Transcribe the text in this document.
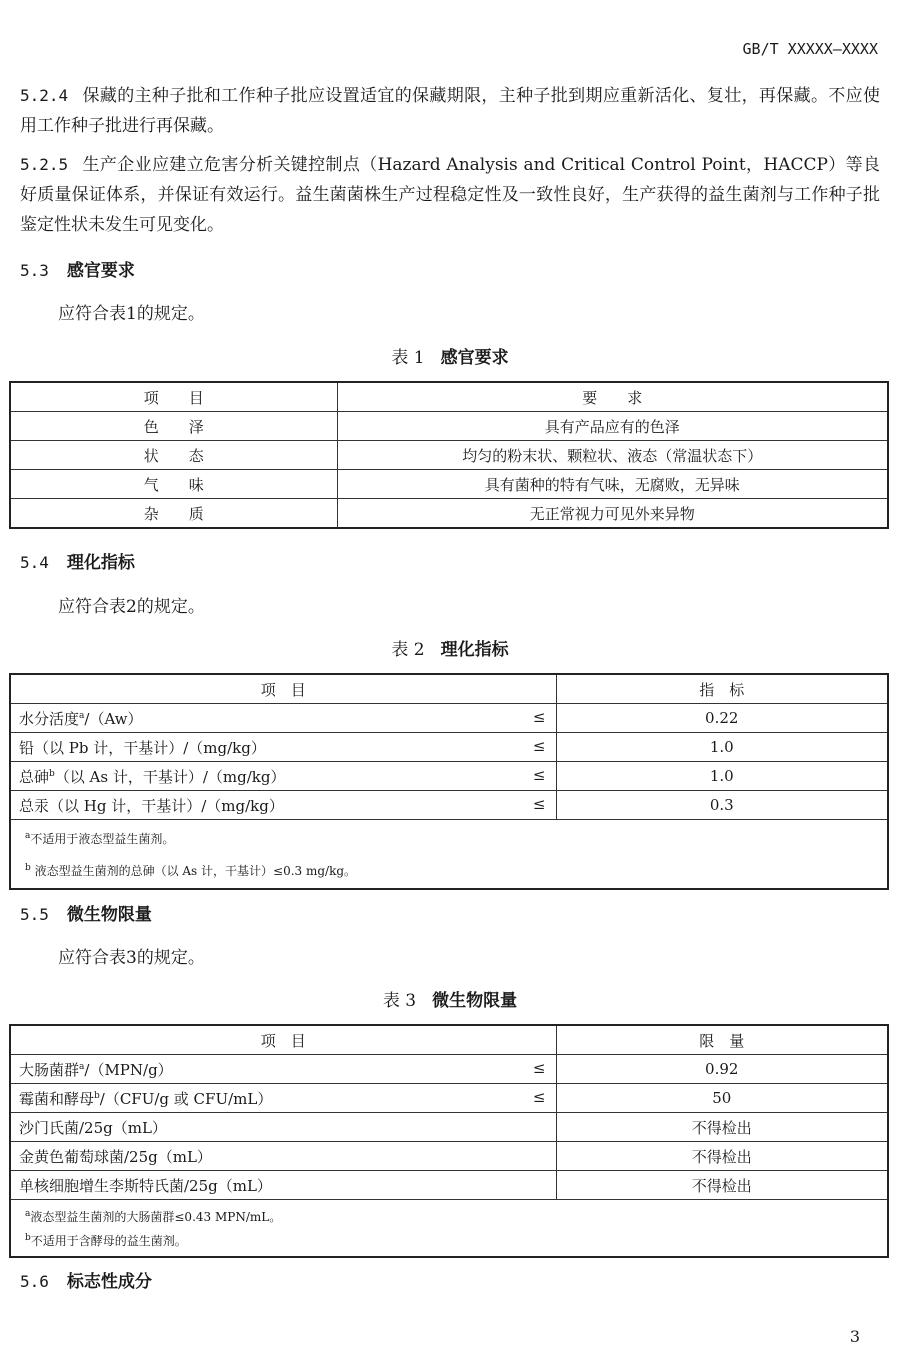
GB/T XXXXX—XXXX
5.2.4 保藏的主种子批和工作种子批应设置适宜的保藏期限，主种子批到期应重新活化、复壮，再保藏。不应使用工作种子批进行再保藏。
5.2.5 生产企业应建立危害分析关键控制点（Hazard Analysis and Critical Control Point，HACCP）等良好质量保证体系，并保证有效运行。益生菌菌株生产过程稳定性及一致性良好，生产获得的益生菌剂与工作种子批鉴定性状未发生可见变化。
5.3 感官要求
应符合表1的规定。
表 1 感官要求
项　　目	要　　求
色　　泽	具有产品应有的色泽
状　　态	均匀的粉末状、颗粒状、液态（常温状态下）
气　　味	具有菌种的特有气味，无腐败，无异味
杂　　质	无正常视力可见外来异物
5.4 理化指标
应符合表2的规定。
表 2 理化指标
项　目	指　标
水分活度$^a$/（Aw） ≤	0.22
铅（以 Pb 计，干基计）/（mg/kg） ≤	1.0
总砷$^b$（以 As 计，干基计）/（mg/kg） ≤	1.0
总汞（以 Hg 计，干基计）/（mg/kg） ≤	0.3

$^a$不适用于液态型益生菌剂。
$^b$ 液态型益生菌剂的总砷（以 As 计，干基计）≤0.3 mg/kg。	
5.5 微生物限量
应符合表3的规定。
表 3 微生物限量
项　目	限　量
大肠菌群$^a$/（MPN/g） ≤	0.92
霉菌和酵母$^b$/（CFU/g 或 CFU/mL） ≤	50
沙门氏菌/25g（mL）	不得检出
金黄色葡萄球菌/25g（mL）	不得检出
单核细胞增生李斯特氏菌/25g（mL）	不得检出

$^a$液态型益生菌剂的大肠菌群≤0.43 MPN/mL。
$^b$不适用于含酵母的益生菌剂。	
5.6 标志性成分
3
